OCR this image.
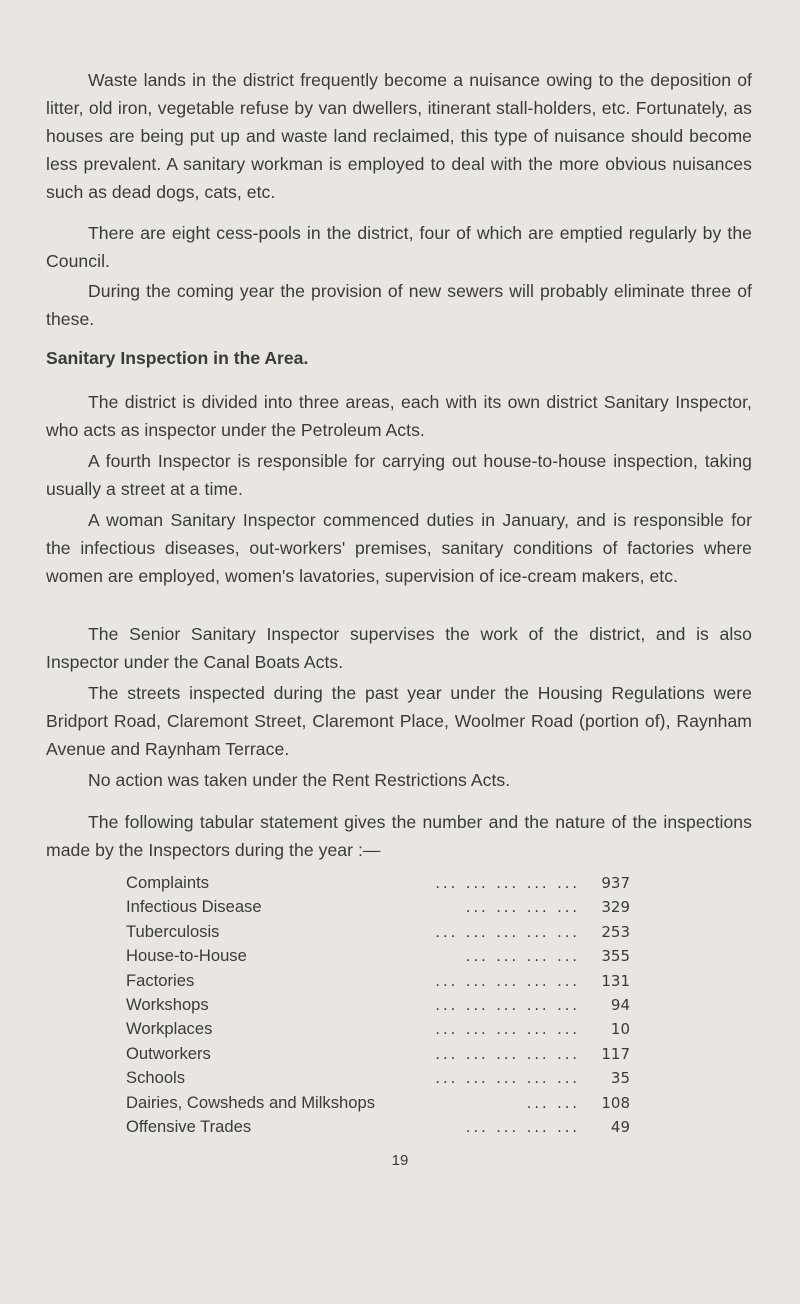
Waste lands in the district frequently become a nuisance owing to the deposition of litter, old iron, vegetable refuse by van dwellers, itinerant stall-holders, etc. Fortunately, as houses are being put up and waste land reclaimed, this type of nuisance should become less prevalent. A sanitary workman is employed to deal with the more obvious nuisances such as dead dogs, cats, etc.

There are eight cess-pools in the district, four of which are emptied regularly by the Council.

During the coming year the provision of new sewers will probably eliminate three of these.

Sanitary Inspection in the Area.

The district is divided into three areas, each with its own district Sanitary Inspector, who acts as inspector under the Petroleum Acts.

A fourth Inspector is responsible for carrying out house-to-house inspection, taking usually a street at a time.

A woman Sanitary Inspector commenced duties in January, and is responsible for the infectious diseases, out-workers' premises, sanitary conditions of factories where women are employed, women's lavatories, supervision of ice-cream makers, etc.

The Senior Sanitary Inspector supervises the work of the district, and is also Inspector under the Canal Boats Acts.

The streets inspected during the past year under the Housing Regulations were Bridport Road, Claremont Street, Claremont Place, Woolmer Road (portion of), Raynham Avenue and Raynham Terrace.

No action was taken under the Rent Restrictions Acts.

The following tabular statement gives the number and the nature of the inspections made by the Inspectors during the year :—

Complaints	... ... ... ... ...	937
Infectious Disease	... ... ... ...	329
Tuberculosis	... ... ... ... ...	253
House-to-House	... ... ... ...	355
Factories	... ... ... ... ...	131
Workshops	... ... ... ... ...	94
Workplaces	... ... ... ... ...	10
Outworkers	... ... ... ... ...	117
Schools	... ... ... ... ...	35
Dairies, Cowsheds and Milkshops	... ...	108
Offensive Trades	... ... ... ...	49
19
